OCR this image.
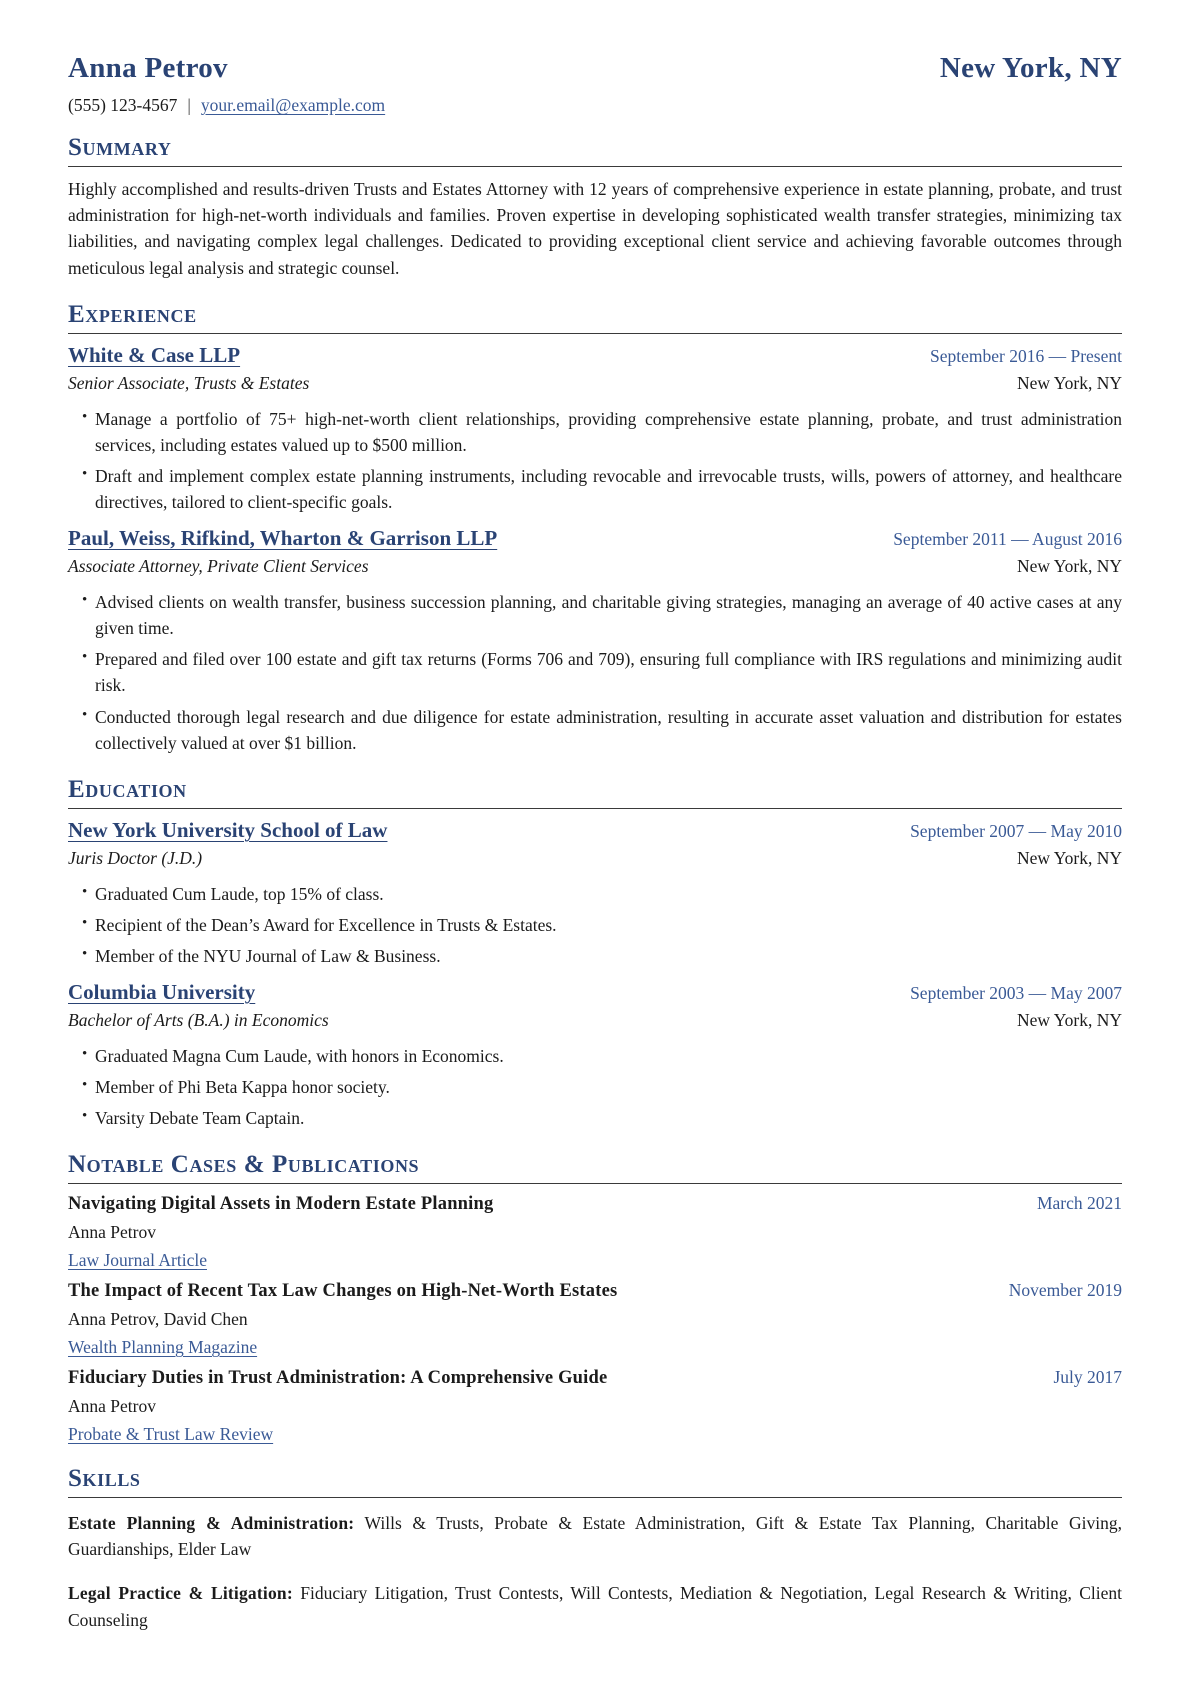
Anna Petrov	New York, NY
(555) 123-4567 | your.email@example.com
Summary

Highly accomplished and results-driven Trusts and Estates Attorney with 12 years of comprehensive experience in estate planning, probate, and trust administration for high-net-worth individuals and families. Proven expertise in developing sophisticated wealth transfer strategies, minimizing tax liabilities, and navigating complex legal challenges. Dedicated to providing exceptional client service and achieving favorable outcomes through meticulous legal analysis and strategic counsel.

Experience
White & Case LLP	September 2016 — Present
Senior Associate, Trusts & Estates	New York, NY
• Manage a portfolio of 75+ high-net-worth client relationships, providing comprehensive estate planning, probate, and trust administration services, including estates valued up to $500 million.
• Draft and implement complex estate planning instruments, including revocable and irrevocable trusts, wills, powers of attorney, and healthcare directives, tailored to client-specific goals.
Paul, Weiss, Rifkind, Wharton & Garrison LLP	September 2011 — August 2016
Associate Attorney, Private Client Services	New York, NY
• Advised clients on wealth transfer, business succession planning, and charitable giving strategies, managing an average of 40 active cases at any given time.
• Prepared and filed over 100 estate and gift tax returns (Forms 706 and 709), ensuring full compliance with IRS regulations and minimizing audit risk.
• Conducted thorough legal research and due diligence for estate administration, resulting in accurate asset valuation and distribution for estates collectively valued at over $1 billion.
Education
New York University School of Law	September 2007 — May 2010
Juris Doctor (J.D.)	New York, NY
• Graduated Cum Laude, top 15% of class.
• Recipient of the Dean’s Award for Excellence in Trusts & Estates.
• Member of the NYU Journal of Law & Business.
Columbia University	September 2003 — May 2007
Bachelor of Arts (B.A.) in Economics	New York, NY
• Graduated Magna Cum Laude, with honors in Economics.
• Member of Phi Beta Kappa honor society.
• Varsity Debate Team Captain.
Notable Cases & Publications
Navigating Digital Assets in Modern Estate Planning	March 2021
Anna Petrov
Law Journal Article
The Impact of Recent Tax Law Changes on High-Net-Worth Estates	November 2019
Anna Petrov, David Chen
Wealth Planning Magazine
Fiduciary Duties in Trust Administration: A Comprehensive Guide	July 2017
Anna Petrov
Probate & Trust Law Review
Skills

Estate Planning & Administration: Wills & Trusts, Probate & Estate Administration, Gift & Estate Tax Planning, Charitable Giving, Guardianships, Elder Law

Legal Practice & Litigation: Fiduciary Litigation, Trust Contests, Will Contests, Mediation & Negotiation, Legal Research & Writing, Client Counseling
